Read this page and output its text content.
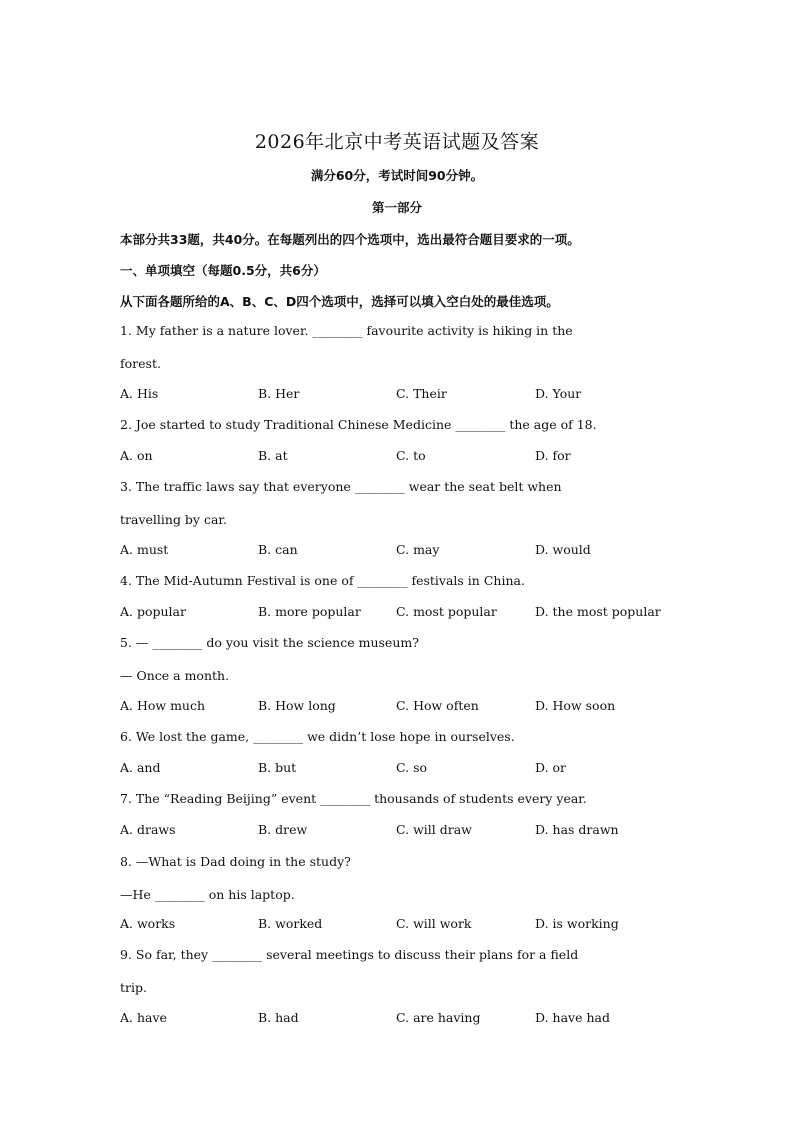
2026年北京中考英语试题及答案
满分60分，考试时间90分钟。
第一部分
本部分共33题，共40分。在每题列出的四个选项中，选出最符合题目要求的一项。
一、单项填空（每题0.5分，共6分）
从下面各题所给的A、B、C、D四个选项中，选择可以填入空白处的最佳选项。
1. My father is a nature lover. ________ favourite activity is hiking in the
forest.
A. His	B. Her	C. Their	D. Your
2. Joe started to study Traditional Chinese Medicine ________ the age of 18.
A. on	B. at	C. to	D. for
3. The traffic laws say that everyone ________ wear the seat belt when
travelling by car.
A. must	B. can	C. may	D. would
4. The Mid-Autumn Festival is one of ________ festivals in China.
A. popular	B. more popular	C. most popular	D. the most popular
5. — ________ do you visit the science museum?
— Once a month.
A. How much	B. How long	C. How often	D. How soon
6. We lost the game, ________ we didn’t lose hope in ourselves.
A. and	B. but	C. so	D. or
7. The “Reading Beijing” event ________ thousands of students every year.
A. draws	B. drew	C. will draw	D. has drawn
8. —What is Dad doing in the study?
—He ________ on his laptop.
A. works	B. worked	C. will work	D. is working
9. So far, they ________ several meetings to discuss their plans for a field
trip.
A. have	B. had	C. are having	D. have had
